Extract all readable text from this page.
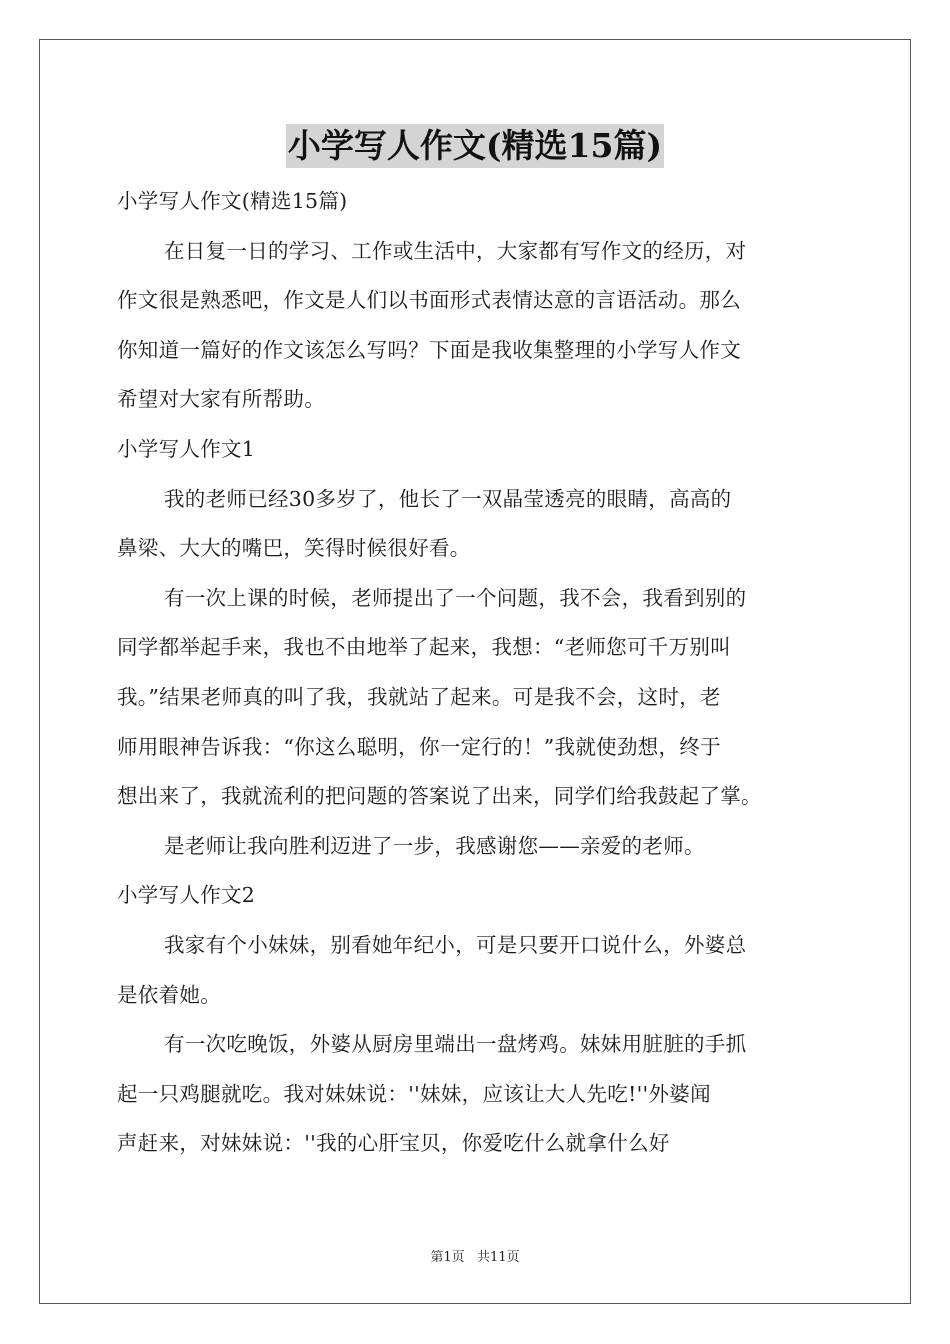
小学写人作文(精选15篇)
小学写人作文(精选15篇)
在日复一日的学习、工作或生活中，大家都有写作文的经历，对
作文很是熟悉吧，作文是人们以书面形式表情达意的言语活动。那么
你知道一篇好的作文该怎么写吗？下面是我收集整理的小学写人作文
希望对大家有所帮助。
小学写人作文1
我的老师已经30多岁了，他长了一双晶莹透亮的眼睛，高高的
鼻梁、大大的嘴巴，笑得时候很好看。
有一次上课的时候，老师提出了一个问题，我不会，我看到别的
同学都举起手来，我也不由地举了起来，我想：“老师您可千万别叫
我。”结果老师真的叫了我，我就站了起来。可是我不会，这时，老
师用眼神告诉我：“你这么聪明，你一定行的！”我就使劲想，终于
想出来了，我就流利的把问题的答案说了出来，同学们给我鼓起了掌。
是老师让我向胜利迈进了一步，我感谢您——亲爱的老师。
小学写人作文2
我家有个小妹妹，别看她年纪小，可是只要开口说什么，外婆总
是依着她。
有一次吃晚饭，外婆从厨房里端出一盘烤鸡。妹妹用脏脏的手抓
起一只鸡腿就吃。我对妹妹说：''妹妹，应该让大人先吃!''外婆闻
声赶来，对妹妹说：''我的心肝宝贝，你爱吃什么就拿什么好
第1页   共11页
